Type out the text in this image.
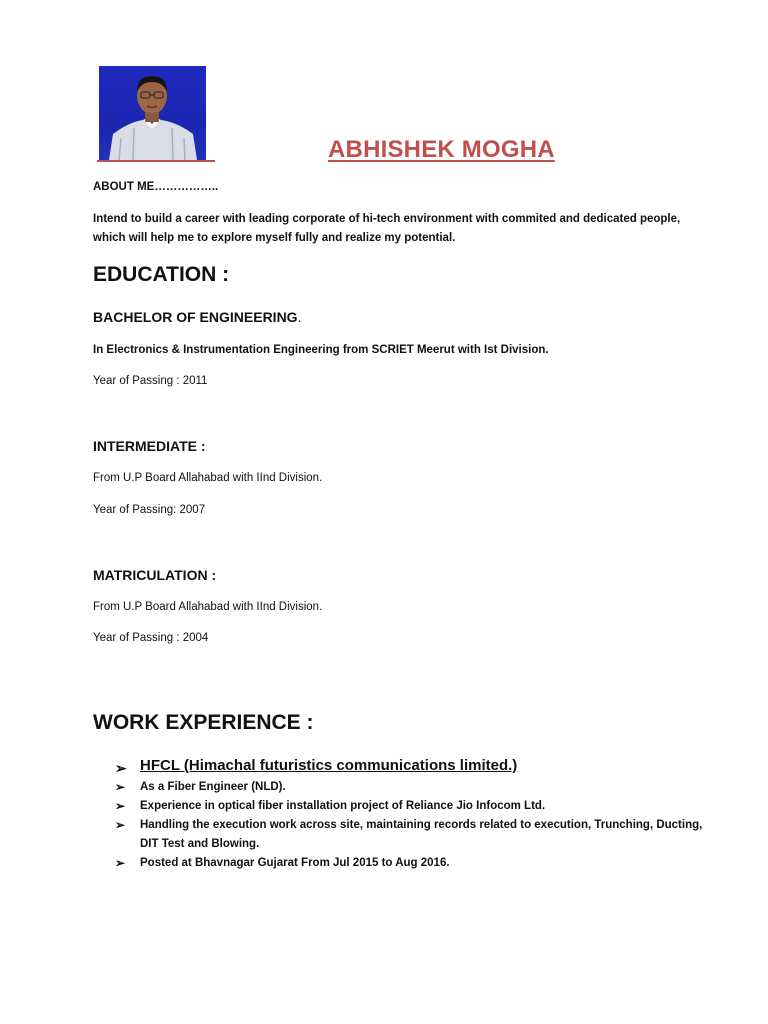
ABHISHEK MOGHA
ABOUT ME……………..
Intend to build a career with leading corporate of hi-tech environment with commited and dedicated people, which will help me to explore myself fully and realize my potential.
EDUCATION :
BACHELOR OF ENGINEERING.
In Electronics & Instrumentation Engineering from SCRIET Meerut with Ist Division.
Year of Passing : 2011
INTERMEDIATE :
From U.P Board Allahabad with IInd Division.
Year of Passing: 2007
MATRICULATION :
From U.P Board Allahabad with IInd Division.
Year of Passing : 2004
WORK EXPERIENCE :
➢ HFCL (Himachal futuristics communications limited.)
➢ As a Fiber Engineer (NLD).
➢ Experience in optical fiber installation project of Reliance Jio Infocom Ltd.
➢ Handling the execution work across site, maintaining records related to execution, Trunching, Ducting, DIT Test and Blowing.
➢ Posted at Bhavnagar Gujarat From Jul 2015 to Aug 2016.
